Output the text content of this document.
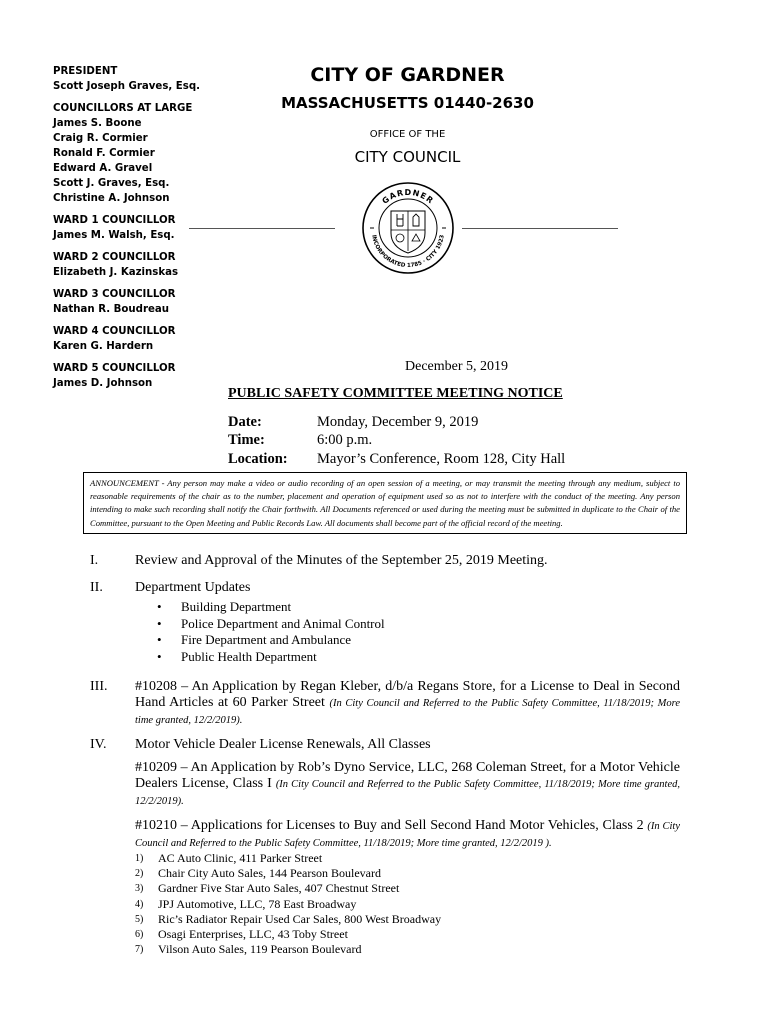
PRESIDENT
Scott Joseph Graves, Esq.
COUNCILLORS AT LARGE
James S. Boone
Craig R. Cormier
Ronald F. Cormier
Edward A. Gravel
Scott J. Graves, Esq.
Christine A. Johnson
WARD 1 COUNCILLOR
James M. Walsh, Esq.
WARD 2 COUNCILLOR
Elizabeth J. Kazinskas
WARD 3 COUNCILLOR
Nathan R. Boudreau
WARD 4 COUNCILLOR
Karen G. Hardern
WARD 5 COUNCILLOR
James D. Johnson
CITY OF GARDNER
MASSACHUSETTS 01440-2630
OFFICE OF THE
CITY COUNCIL
GARDNER
INCORPORATED 1785 · CITY 1923
December 5, 2019
PUBLIC SAFETY COMMITTEE MEETING NOTICE
Date:	Monday, December 9, 2019
Time:	6:00 p.m.
Location: Mayor’s Conference, Room 128, City Hall
ANNOUNCEMENT - Any person may make a video or audio recording of an open session of a meeting, or may transmit the meeting through any medium, subject to reasonable requirements of the chair as to the number, placement and operation of equipment used so as not to interfere with the conduct of the meeting. Any person intending to make such recording shall notify the Chair forthwith. All Documents referenced or used during the meeting must be submitted in duplicate to the Chair of the Committee, pursuant to the Open Meeting and Public Records Law. All documents shall become part of the official record of the meeting.
I.	Review and Approval of the Minutes of the September 25, 2019 Meeting.
II. Department Updates
• Building Department
• Police Department and Animal Control
• Fire Department and Ambulance
• Public Health Department
III. #10208 – An Application by Regan Kleber, d/b/a Regans Store, for a License to Deal in Second Hand Articles at 60 Parker Street (In City Council and Referred to the Public Safety Committee, 11/18/2019; More time granted, 12/2/2019).
IV. Motor Vehicle Dealer License Renewals, All Classes
#10209 – An Application by Rob’s Dyno Service, LLC, 268 Coleman Street, for a Motor Vehicle Dealers License, Class I (In City Council and Referred to the Public Safety Committee, 11/18/2019; More time granted, 12/2/2019).
#10210 – Applications for Licenses to Buy and Sell Second Hand Motor Vehicles, Class 2 (In City Council and Referred to the Public Safety Committee, 11/18/2019; More time granted, 12/2/2019 ).
1) AC Auto Clinic, 411 Parker Street
2) Chair City Auto Sales, 144 Pearson Boulevard
3) Gardner Five Star Auto Sales, 407 Chestnut Street
4) JPJ Automotive, LLC, 78 East Broadway
5) Ric’s Radiator Repair Used Car Sales, 800 West Broadway
6) Osagi Enterprises, LLC, 43 Toby Street
7) Vilson Auto Sales, 119 Pearson Boulevard
